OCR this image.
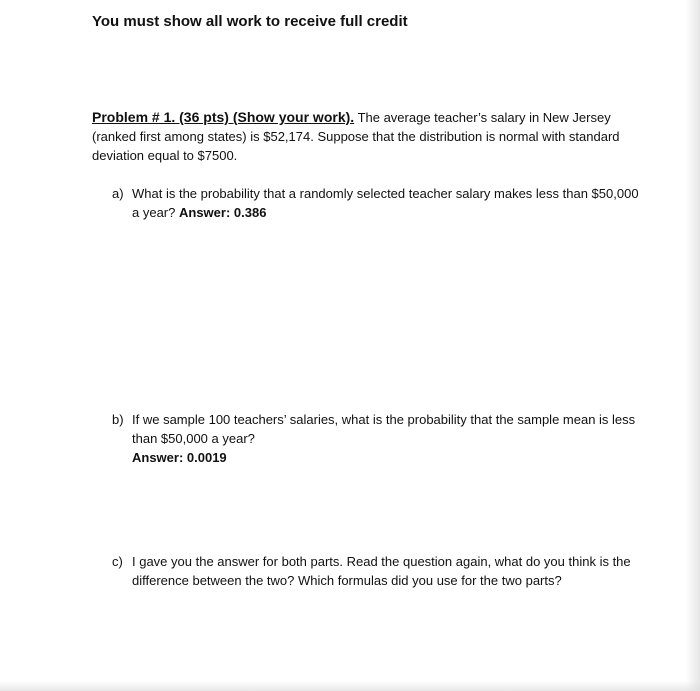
You must show all work to receive full credit
Problem # 1. (36 pts) (Show your work). The average teacher’s salary in New Jersey (ranked first among states) is $52,174. Suppose that the distribution is normal with standard deviation equal to $7500.
a) What is the probability that a randomly selected teacher salary makes less than $50,000 a year? Answer: 0.386
b) If we sample 100 teachers’ salaries, what is the probability that the sample mean is less than $50,000 a year?
Answer: 0.0019
c) I gave you the answer for both parts. Read the question again, what do you think is the difference between the two? Which formulas did you use for the two parts?
